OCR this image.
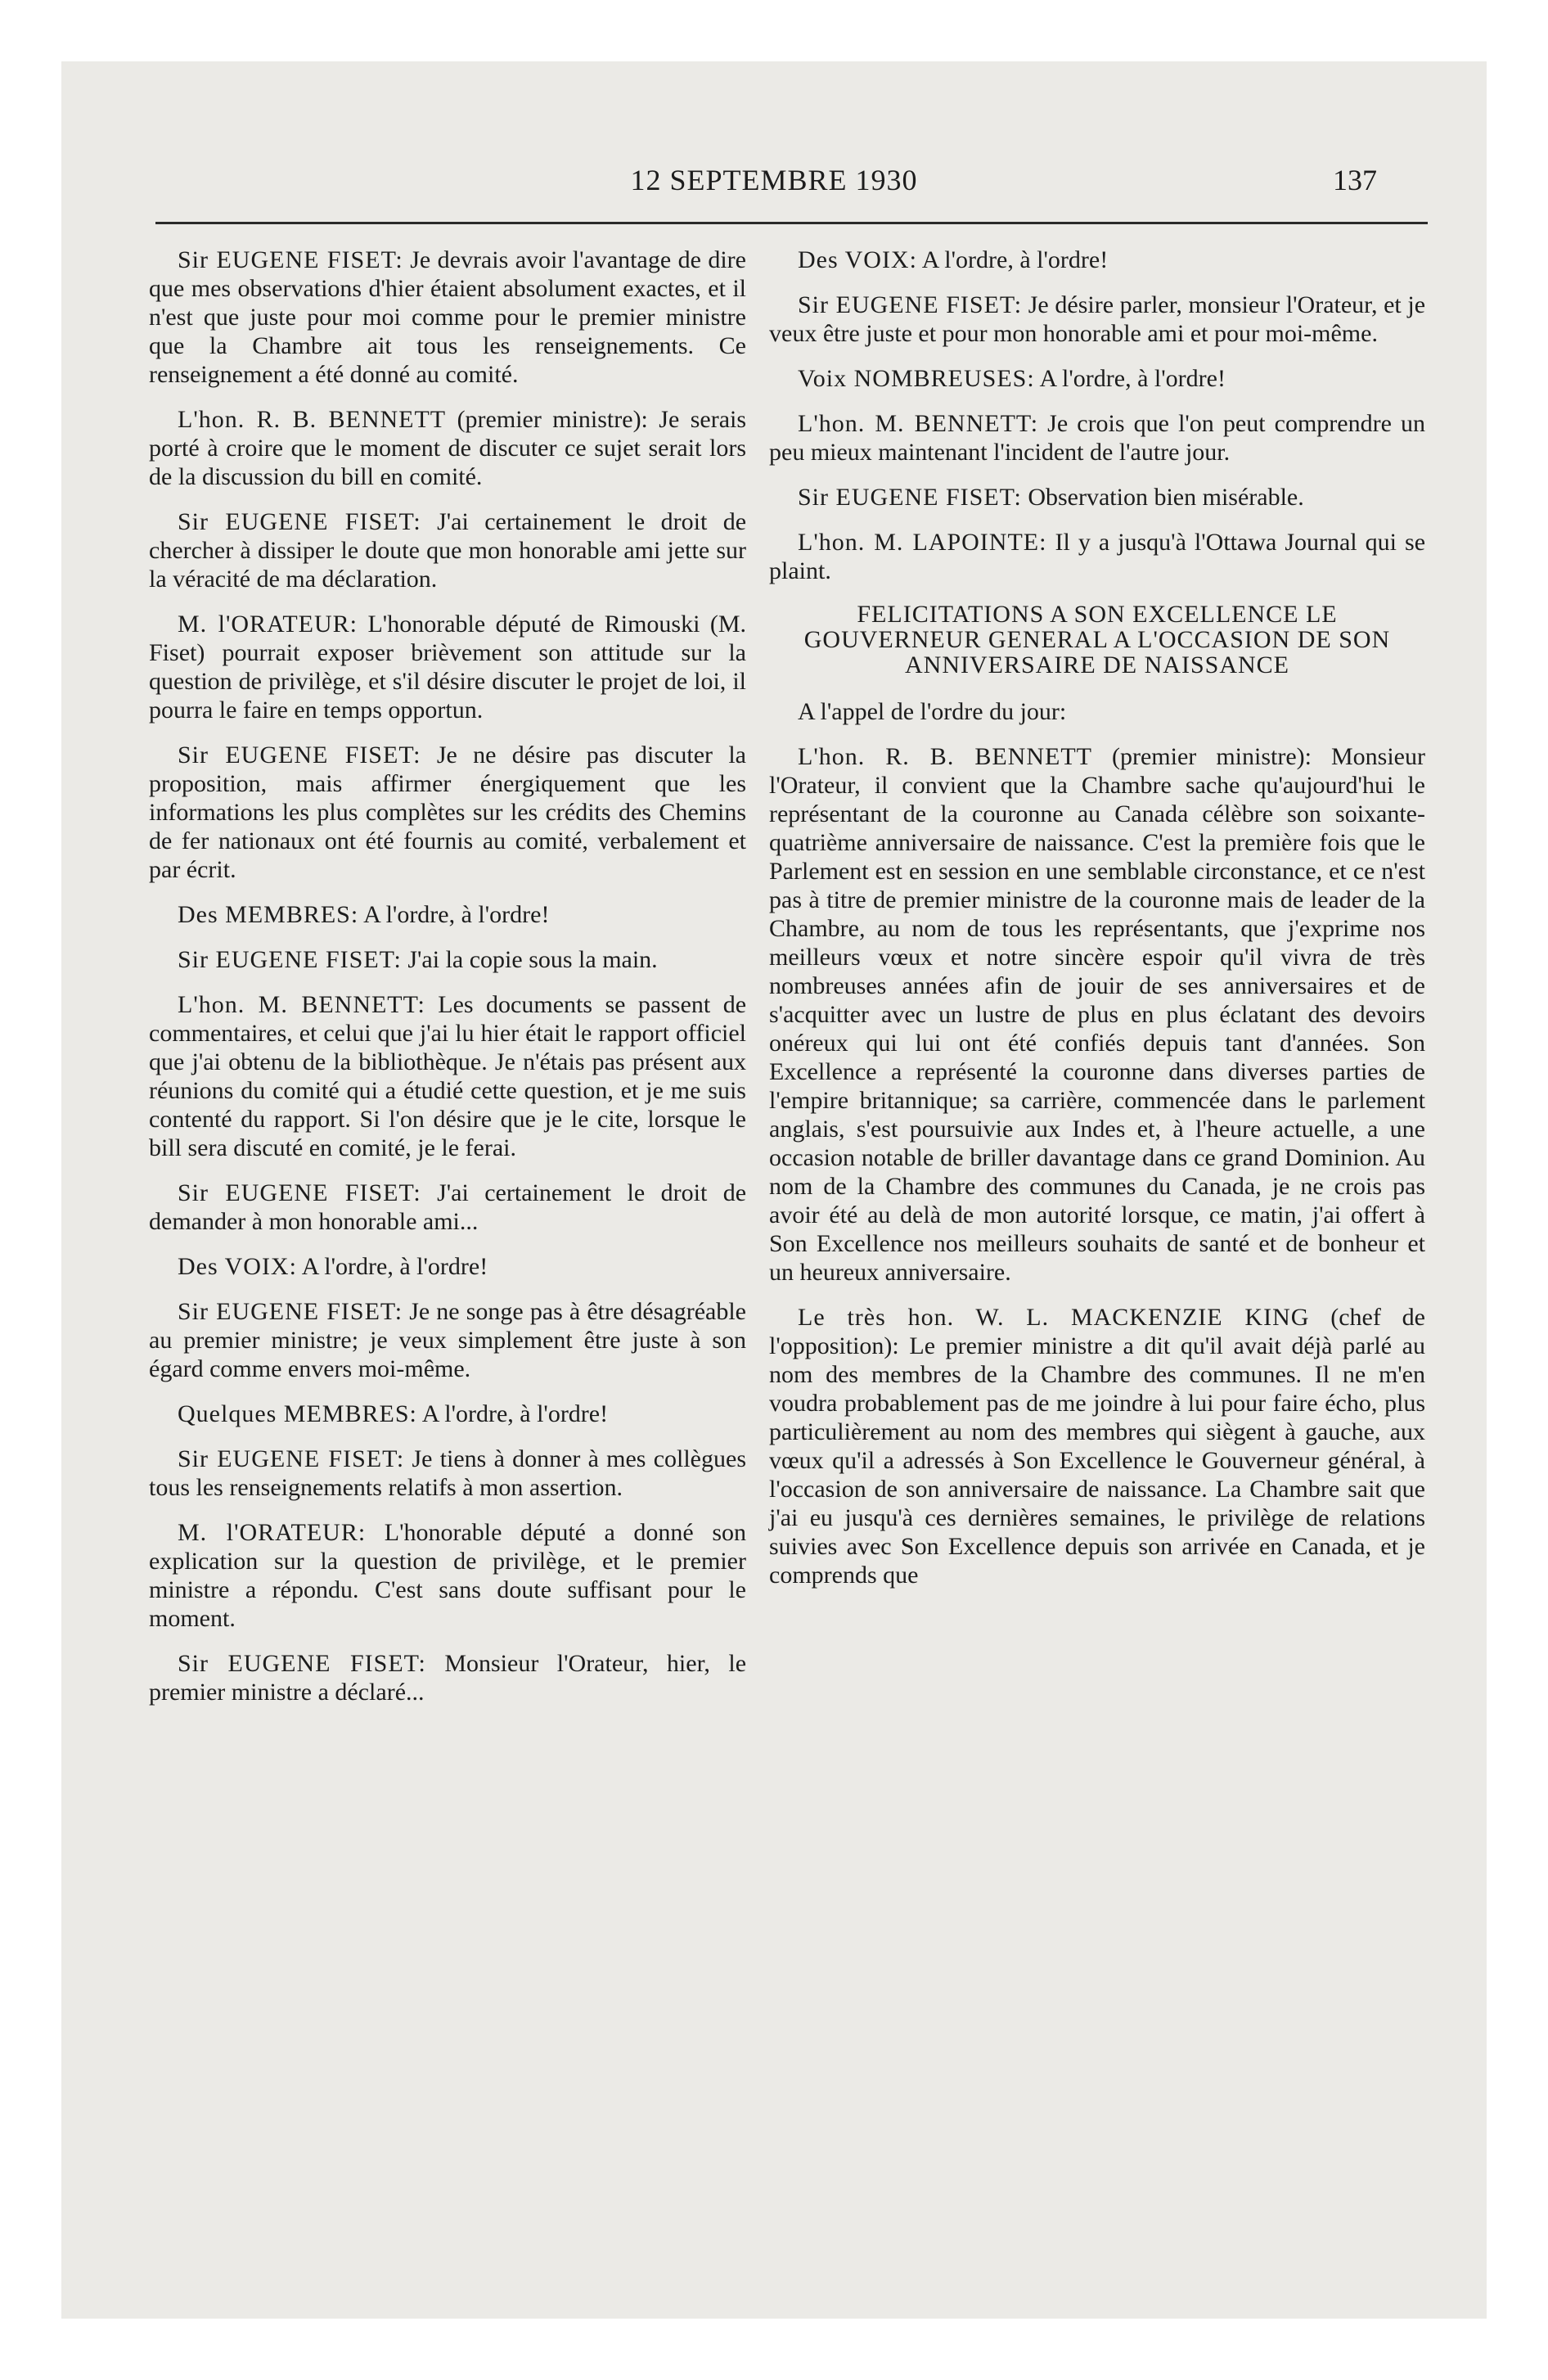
12 SEPTEMBRE 1930	137

Sir EUGENE FISET: Je devrais avoir l'avantage de dire que mes observations d'hier étaient absolument exactes, et il n'est que juste pour moi comme pour le premier ministre que la Chambre ait tous les renseignements. Ce renseignement a été donné au comité.

L'hon. R. B. BENNETT (premier ministre): Je serais porté à croire que le moment de discuter ce sujet serait lors de la discussion du bill en comité.

Sir EUGENE FISET: J'ai certainement le droit de chercher à dissiper le doute que mon honorable ami jette sur la véracité de ma déclaration.

M. l'ORATEUR: L'honorable député de Rimouski (M. Fiset) pourrait exposer brièvement son attitude sur la question de privilège, et s'il désire discuter le projet de loi, il pourra le faire en temps opportun.

Sir EUGENE FISET: Je ne désire pas discuter la proposition, mais affirmer énergiquement que les informations les plus complètes sur les crédits des Chemins de fer nationaux ont été fournis au comité, verbalement et par écrit.

Des MEMBRES: A l'ordre, à l'ordre!

Sir EUGENE FISET: J'ai la copie sous la main.

L'hon. M. BENNETT: Les documents se passent de commentaires, et celui que j'ai lu hier était le rapport officiel que j'ai obtenu de la bibliothèque. Je n'étais pas présent aux réunions du comité qui a étudié cette question, et je me suis contenté du rapport. Si l'on désire que je le cite, lorsque le bill sera discuté en comité, je le ferai.

Sir EUGENE FISET: J'ai certainement le droit de demander à mon honorable ami...

Des VOIX: A l'ordre, à l'ordre!

Sir EUGENE FISET: Je ne songe pas à être désagréable au premier ministre; je veux simplement être juste à son égard comme envers moi-même.

Quelques MEMBRES: A l'ordre, à l'ordre!

Sir EUGENE FISET: Je tiens à donner à mes collègues tous les renseignements relatifs à mon assertion.

M. l'ORATEUR: L'honorable député a donné son explication sur la question de privilège, et le premier ministre a répondu. C'est sans doute suffisant pour le moment.

Sir EUGENE FISET: Monsieur l'Orateur, hier, le premier ministre a déclaré...

Des VOIX: A l'ordre, à l'ordre!

Sir EUGENE FISET: Je désire parler, monsieur l'Orateur, et je veux être juste et pour mon honorable ami et pour moi-même.

Voix NOMBREUSES: A l'ordre, à l'ordre!

L'hon. M. BENNETT: Je crois que l'on peut comprendre un peu mieux maintenant l'incident de l'autre jour.

Sir EUGENE FISET: Observation bien misérable.

L'hon. M. LAPOINTE: Il y a jusqu'à l'Ottawa Journal qui se plaint.

FELICITATIONS A SON EXCELLENCE LE GOUVERNEUR GENERAL A L'OCCASION DE SON ANNIVERSAIRE DE NAISSANCE

A l'appel de l'ordre du jour:

L'hon. R. B. BENNETT (premier ministre): Monsieur l'Orateur, il convient que la Chambre sache qu'aujourd'hui le représentant de la couronne au Canada célèbre son soixante-quatrième anniversaire de naissance. C'est la première fois que le Parlement est en session en une semblable circonstance, et ce n'est pas à titre de premier ministre de la couronne mais de leader de la Chambre, au nom de tous les représentants, que j'exprime nos meilleurs vœux et notre sincère espoir qu'il vivra de très nombreuses années afin de jouir de ses anniversaires et de s'acquitter avec un lustre de plus en plus éclatant des devoirs onéreux qui lui ont été confiés depuis tant d'années. Son Excellence a représenté la couronne dans diverses parties de l'empire britannique; sa carrière, commencée dans le parlement anglais, s'est poursuivie aux Indes et, à l'heure actuelle, a une occasion notable de briller davantage dans ce grand Dominion. Au nom de la Chambre des communes du Canada, je ne crois pas avoir été au delà de mon autorité lorsque, ce matin, j'ai offert à Son Excellence nos meilleurs souhaits de santé et de bonheur et un heureux anniversaire.

Le très hon. W. L. MACKENZIE KING (chef de l'opposition): Le premier ministre a dit qu'il avait déjà parlé au nom des membres de la Chambre des communes. Il ne m'en voudra probablement pas de me joindre à lui pour faire écho, plus particulièrement au nom des membres qui siègent à gauche, aux vœux qu'il a adressés à Son Excellence le Gouverneur général, à l'occasion de son anniversaire de naissance. La Chambre sait que j'ai eu jusqu'à ces dernières semaines, le privilège de relations suivies avec Son Excellence depuis son arrivée en Canada, et je comprends que
